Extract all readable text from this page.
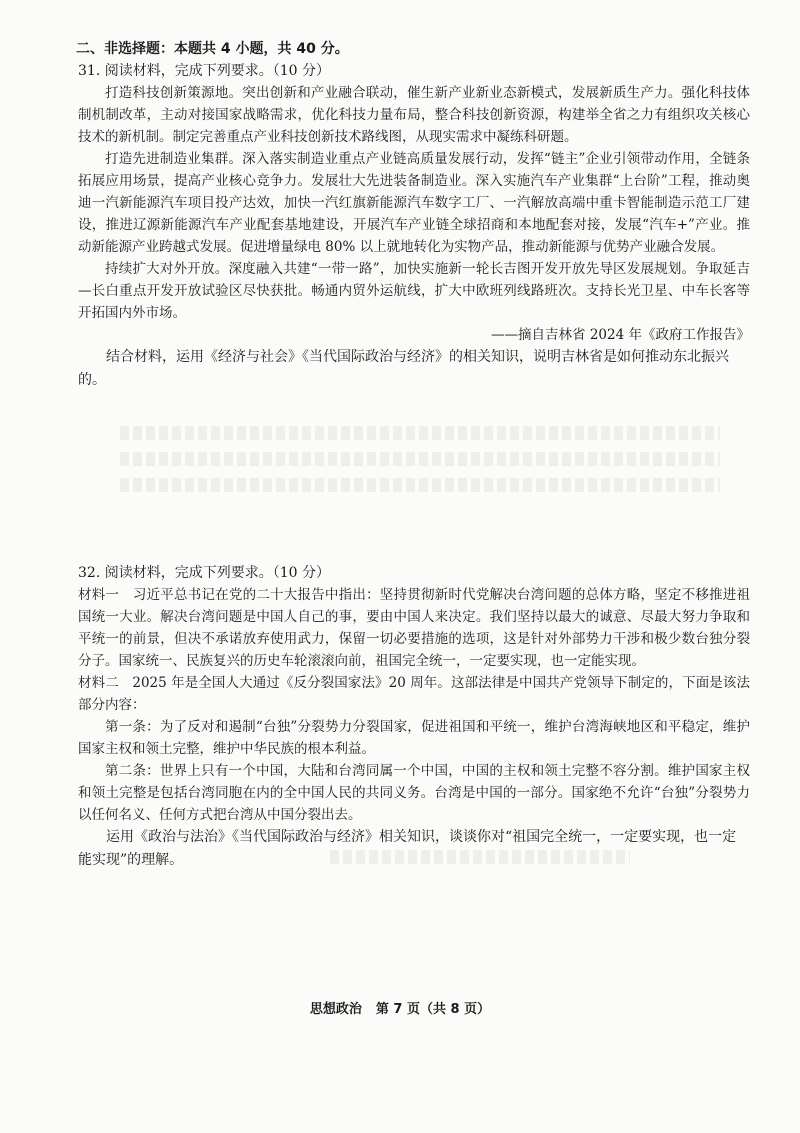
二、非选择题：本题共 4 小题，共 40 分。
31. 阅读材料，完成下列要求。（10 分）

打造科技创新策源地。突出创新和产业融合联动，催生新产业新业态新模式，发展新质生产力。强化科技体制机制改革，主动对接国家战略需求，优化科技力量布局，整合科技创新资源，构建举全省之力有组织攻关核心技术的新机制。制定完善重点产业科技创新技术路线图，从现实需求中凝练科研题。

打造先进制造业集群。深入落实制造业重点产业链高质量发展行动，发挥“链主”企业引领带动作用，全链条拓展应用场景，提高产业核心竞争力。发展壮大先进装备制造业。深入实施汽车产业集群“上台阶”工程，推动奥迪一汽新能源汽车项目投产达效，加快一汽红旗新能源汽车数字工厂、一汽解放高端中重卡智能制造示范工厂建设，推进辽源新能源汽车产业配套基地建设，开展汽车产业链全球招商和本地配套对接，发展“汽车+”产业。推动新能源产业跨越式发展。促进增量绿电 80% 以上就地转化为实物产品，推动新能源与优势产业融合发展。

持续扩大对外开放。深度融入共建“一带一路”，加快实施新一轮长吉图开发开放先导区发展规划。争取延吉—长白重点开发开放试验区尽快获批。畅通内贸外运航线，扩大中欧班列线路班次。支持长光卫星、中车长客等开拓国内外市场。

——摘自吉林省 2024 年《政府工作报告》
结合材料，运用《经济与社会》《当代国际政治与经济》的相关知识，说明吉林省是如何推动东北振兴的。
32. 阅读材料，完成下列要求。（10 分）

材料一　习近平总书记在党的二十大报告中指出：坚持贯彻新时代党解决台湾问题的总体方略，坚定不移推进祖国统一大业。解决台湾问题是中国人自己的事，要由中国人来决定。我们坚持以最大的诚意、尽最大努力争取和平统一的前景，但决不承诺放弃使用武力，保留一切必要措施的选项，这是针对外部势力干涉和极少数台独分裂分子。国家统一、民族复兴的历史车轮滚滚向前，祖国完全统一，一定要实现，也一定能实现。

材料二　2025 年是全国人大通过《反分裂国家法》20 周年。这部法律是中国共产党领导下制定的，下面是该法部分内容：

第一条：为了反对和遏制“台独”分裂势力分裂国家，促进祖国和平统一，维护台湾海峡地区和平稳定，维护国家主权和领土完整，维护中华民族的根本利益。

第二条：世界上只有一个中国，大陆和台湾同属一个中国，中国的主权和领土完整不容分割。维护国家主权和领土完整是包括台湾同胞在内的全中国人民的共同义务。台湾是中国的一部分。国家绝不允许“台独”分裂势力以任何名义、任何方式把台湾从中国分裂出去。

运用《政治与法治》《当代国际政治与经济》相关知识，谈谈你对“祖国完全统一，一定要实现，也一定能实现”的理解。
思想政治 第 7 页（共 8 页）
